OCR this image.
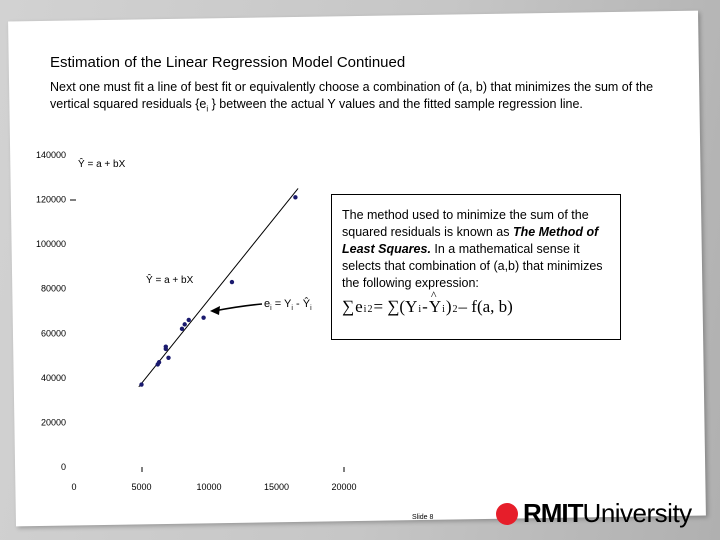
Estimation of the Linear Regression Model Continued

Next one must fit a line of best fit or equivalently choose a combination of (a, b) that minimizes the sum of the vertical squared residuals {$e_i$ } between the actual Y values and the fitted sample regression line.

0
20000
40000
60000
80000
100000
120000
140000
0	5000	10000	15000	20000
Ŷ = a + bX
Ŷ = a + bX
$e_i = Y_i$ - $Ŷ_i$
The method used to minimize the sum of the squared residuals is known as The Method of Least Squares. In a mathematical sense it selects that combination of (a,b) that minimizes the following expression:
∑ e i 2 = ∑(Y i -
^ Y i ) 2 – f(a, b)
Slide 8	RMIT University
